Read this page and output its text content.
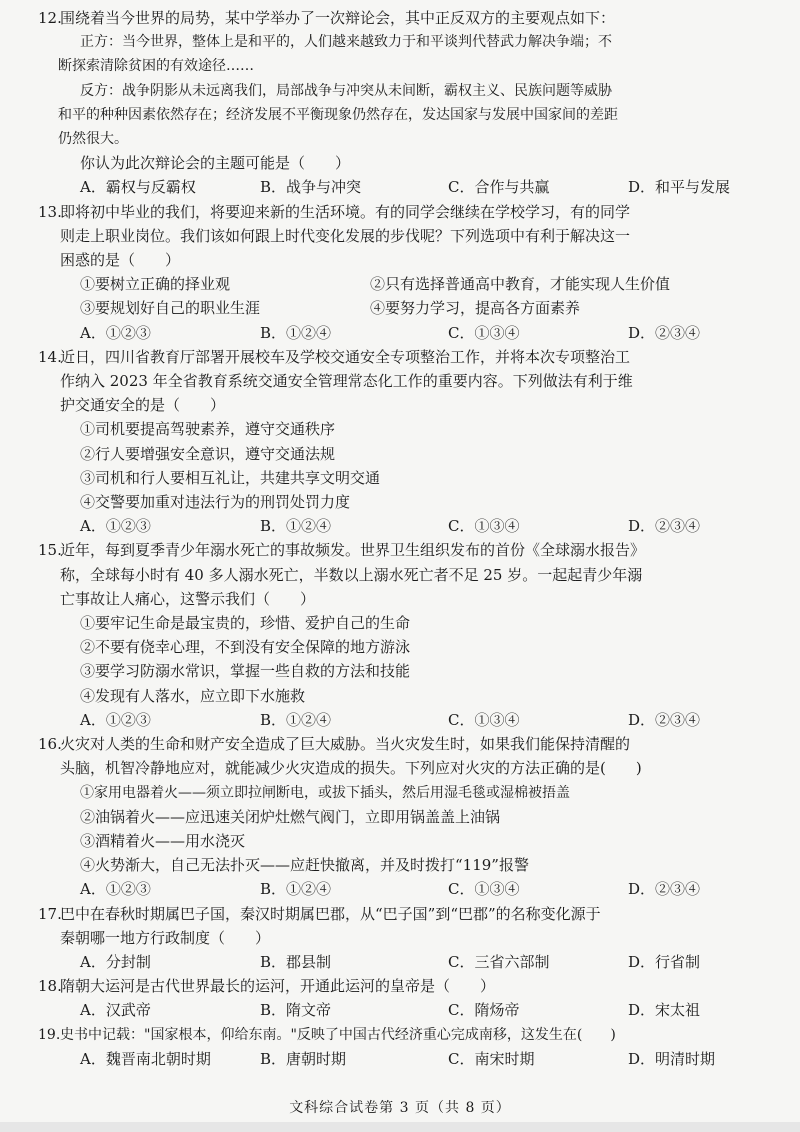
12.围绕着当今世界的局势，某中学举办了一次辩论会，其中正反双方的主要观点如下：
正方：当今世界，整体上是和平的，人们越来越致力于和平谈判代替武力解决争端；不
断探索清除贫困的有效途径……
反方：战争阴影从未远离我们，局部战争与冲突从未间断，霸权主义、民族问题等威胁
和平的种种因素依然存在；经济发展不平衡现象仍然存在，发达国家与发展中国家间的差距
仍然很大。
你认为此次辩论会的主题可能是（　　）
A．霸权与反霸权	B．战争与冲突	C．合作与共赢	D．和平与发展
13.即将初中毕业的我们，将要迎来新的生活环境。有的同学会继续在学校学习，有的同学
则走上职业岗位。我们该如何跟上时代变化发展的步伐呢？下列选项中有利于解决这一
困惑的是（　　）
①要树立正确的择业观	②只有选择普通高中教育，才能实现人生价值
③要规划好自己的职业生涯	④要努力学习，提高各方面素养
A．①②③	B．①②④	C．①③④	D．②③④
14.近日，四川省教育厅部署开展校车及学校交通安全专项整治工作，并将本次专项整治工
作纳入 2023 年全省教育系统交通安全管理常态化工作的重要内容。下列做法有利于维
护交通安全的是（　　）
①司机要提高驾驶素养，遵守交通秩序
②行人要增强安全意识，遵守交通法规
③司机和行人要相互礼让，共建共享文明交通
④交警要加重对违法行为的刑罚处罚力度
A．①②③	B．①②④	C．①③④	D．②③④
15.近年，每到夏季青少年溺水死亡的事故频发。世界卫生组织发布的首份《全球溺水报告》
称，全球每小时有 40 多人溺水死亡，半数以上溺水死亡者不足 25 岁。一起起青少年溺
亡事故让人痛心，这警示我们（　　）
①要牢记生命是最宝贵的，珍惜、爱护自己的生命
②不要有侥幸心理，不到没有安全保障的地方游泳
③要学习防溺水常识，掌握一些自救的方法和技能
④发现有人落水，应立即下水施救
A．①②③	B．①②④	C．①③④	D．②③④
16.火灾对人类的生命和财产安全造成了巨大威胁。当火灾发生时，如果我们能保持清醒的
头脑，机智冷静地应对，就能减少火灾造成的损失。下列应对火灾的方法正确的是(　　)
①家用电器着火——须立即拉闸断电，或拔下插头，然后用湿毛毯或湿棉被捂盖
②油锅着火——应迅速关闭炉灶燃气阀门，立即用锅盖盖上油锅
③酒精着火——用水浇灭
④火势渐大，自己无法扑灭——应赶快撤离，并及时拨打“119”报警
A．①②③	B．①②④	C．①③④	D．②③④
17.巴中在春秋时期属巴子国，秦汉时期属巴郡，从“巴子国”到“巴郡”的名称变化源于
秦朝哪一地方行政制度（　　）
A．分封制	B．郡县制	C．三省六部制	D．行省制
18.隋朝大运河是古代世界最长的运河，开通此运河的皇帝是（　　）
A．汉武帝	B．隋文帝	C．隋炀帝	D．宋太祖
19.史书中记载："国家根本，仰给东南。"反映了中国古代经济重心完成南移，这发生在(　　)
A．魏晋南北朝时期	B．唐朝时期	C．南宋时期	D．明清时期
文科综合试卷第 3 页（共 8 页）
